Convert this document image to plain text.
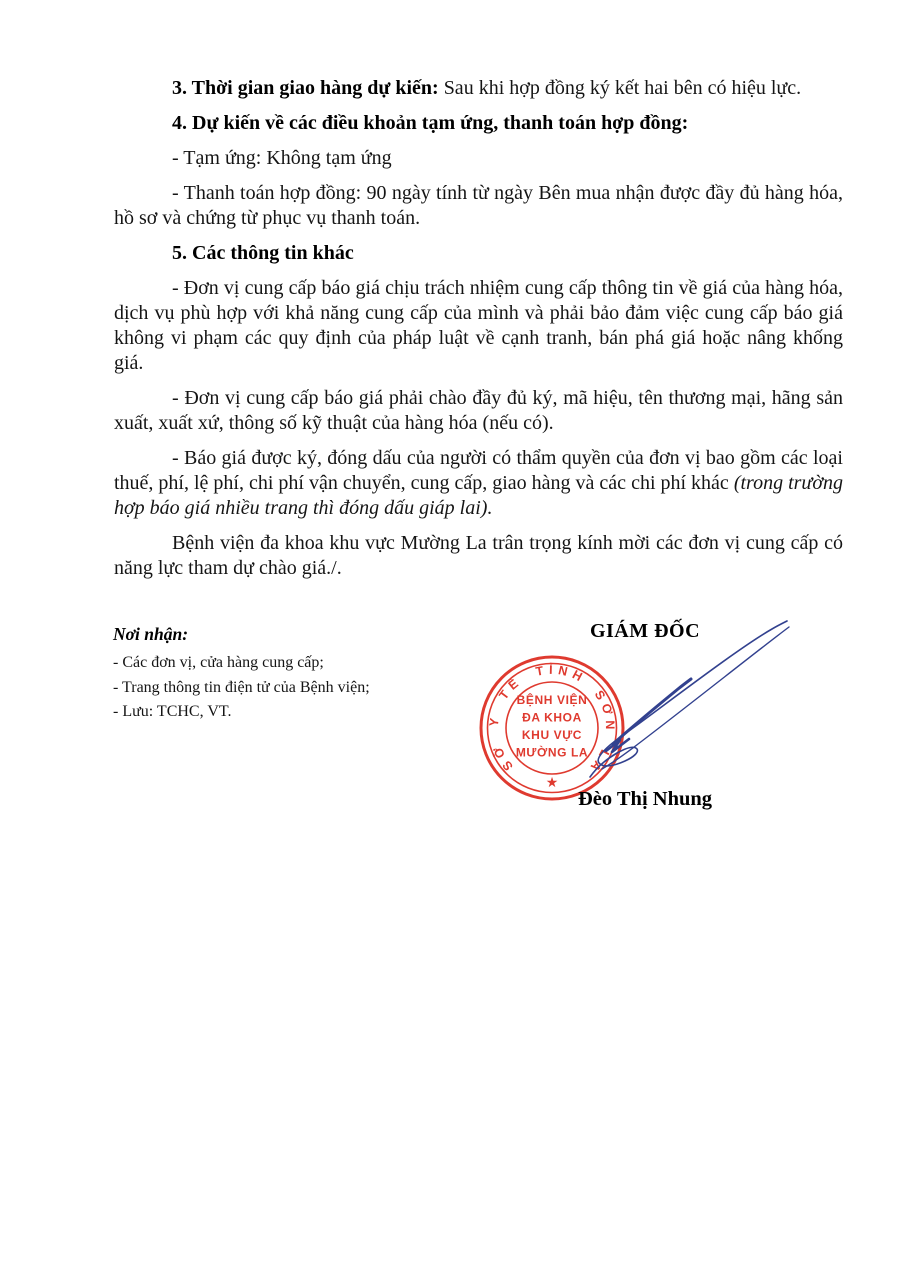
3. Thời gian giao hàng dự kiến: Sau khi hợp đồng ký kết hai bên có hiệu lực.

4. Dự kiến về các điều khoản tạm ứng, thanh toán hợp đồng:

- Tạm ứng: Không tạm ứng

- Thanh toán hợp đồng: 90 ngày tính từ ngày Bên mua nhận được đầy đủ hàng hóa, hồ sơ và chứng từ phục vụ thanh toán.

5. Các thông tin khác

- Đơn vị cung cấp báo giá chịu trách nhiệm cung cấp thông tin về giá của hàng hóa, dịch vụ phù hợp với khả năng cung cấp của mình và phải bảo đảm việc cung cấp báo giá không vi phạm các quy định của pháp luật về cạnh tranh, bán phá giá hoặc nâng khống giá.

- Đơn vị cung cấp báo giá phải chào đầy đủ ký, mã hiệu, tên thương mại, hãng sản xuất, xuất xứ, thông số kỹ thuật của hàng hóa (nếu có).

- Báo giá được ký, đóng dấu của người có thẩm quyền của đơn vị bao gồm các loại thuế, phí, lệ phí, chi phí vận chuyển, cung cấp, giao hàng và các chi phí khác (trong trường hợp báo giá nhiều trang thì đóng dấu giáp lai).

Bệnh viện đa khoa khu vực Mường La trân trọng kính mời các đơn vị cung cấp có năng lực tham dự chào giá./.

Nơi nhận:

- Các đơn vị, cửa hàng cung cấp;
- Trang thông tin điện tử của Bệnh viện;
- Lưu: TCHC, VT.

GIÁM ĐỐC

SỞ Y TẾ TỈNH SƠN LA
BỆNH VIỆN
ĐA KHOA
KHU VỰC
MƯỜNG LA
★

Đèo Thị Nhung
